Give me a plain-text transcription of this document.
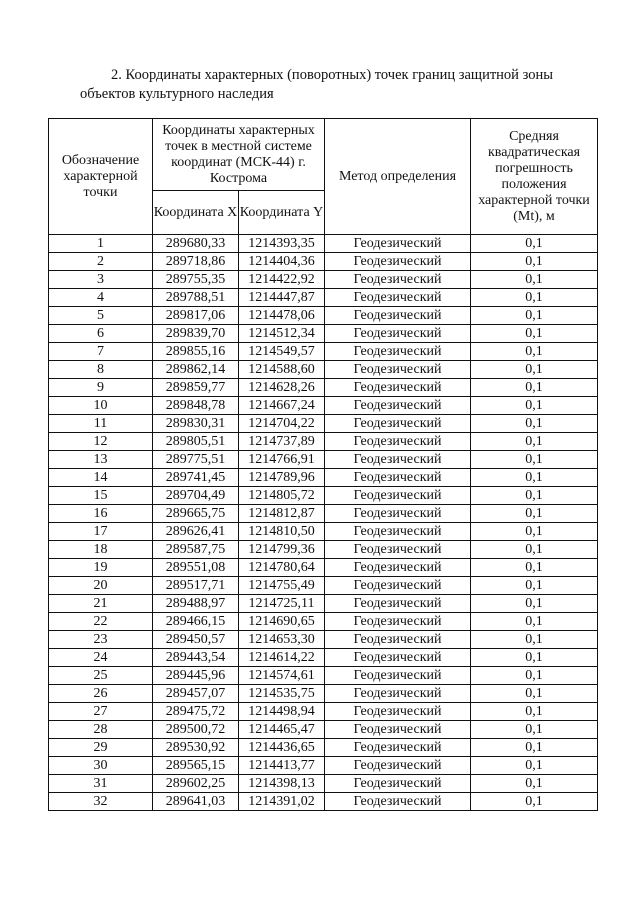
2. Координаты характерных (поворотных) точек границ защитной зоны
объектов культурного наследия
Обозначение характерной точки	Координаты характерных точек в местной системе координат (МСК-44) г. Кострома		Метод определения	Средняя квадратическая погрешность положения характерной точки (Mt), м
	Координата X	Координата Y		
1	289680,33	1214393,35	Геодезический	0,1
2	289718,86	1214404,36	Геодезический	0,1
3	289755,35	1214422,92	Геодезический	0,1
4	289788,51	1214447,87	Геодезический	0,1
5	289817,06	1214478,06	Геодезический	0,1
6	289839,70	1214512,34	Геодезический	0,1
7	289855,16	1214549,57	Геодезический	0,1
8	289862,14	1214588,60	Геодезический	0,1
9	289859,77	1214628,26	Геодезический	0,1
10	289848,78	1214667,24	Геодезический	0,1
11	289830,31	1214704,22	Геодезический	0,1
12	289805,51	1214737,89	Геодезический	0,1
13	289775,51	1214766,91	Геодезический	0,1
14	289741,45	1214789,96	Геодезический	0,1
15	289704,49	1214805,72	Геодезический	0,1
16	289665,75	1214812,87	Геодезический	0,1
17	289626,41	1214810,50	Геодезический	0,1
18	289587,75	1214799,36	Геодезический	0,1
19	289551,08	1214780,64	Геодезический	0,1
20	289517,71	1214755,49	Геодезический	0,1
21	289488,97	1214725,11	Геодезический	0,1
22	289466,15	1214690,65	Геодезический	0,1
23	289450,57	1214653,30	Геодезический	0,1
24	289443,54	1214614,22	Геодезический	0,1
25	289445,96	1214574,61	Геодезический	0,1
26	289457,07	1214535,75	Геодезический	0,1
27	289475,72	1214498,94	Геодезический	0,1
28	289500,72	1214465,47	Геодезический	0,1
29	289530,92	1214436,65	Геодезический	0,1
30	289565,15	1214413,77	Геодезический	0,1
31	289602,25	1214398,13	Геодезический	0,1
32	289641,03	1214391,02	Геодезический	0,1
